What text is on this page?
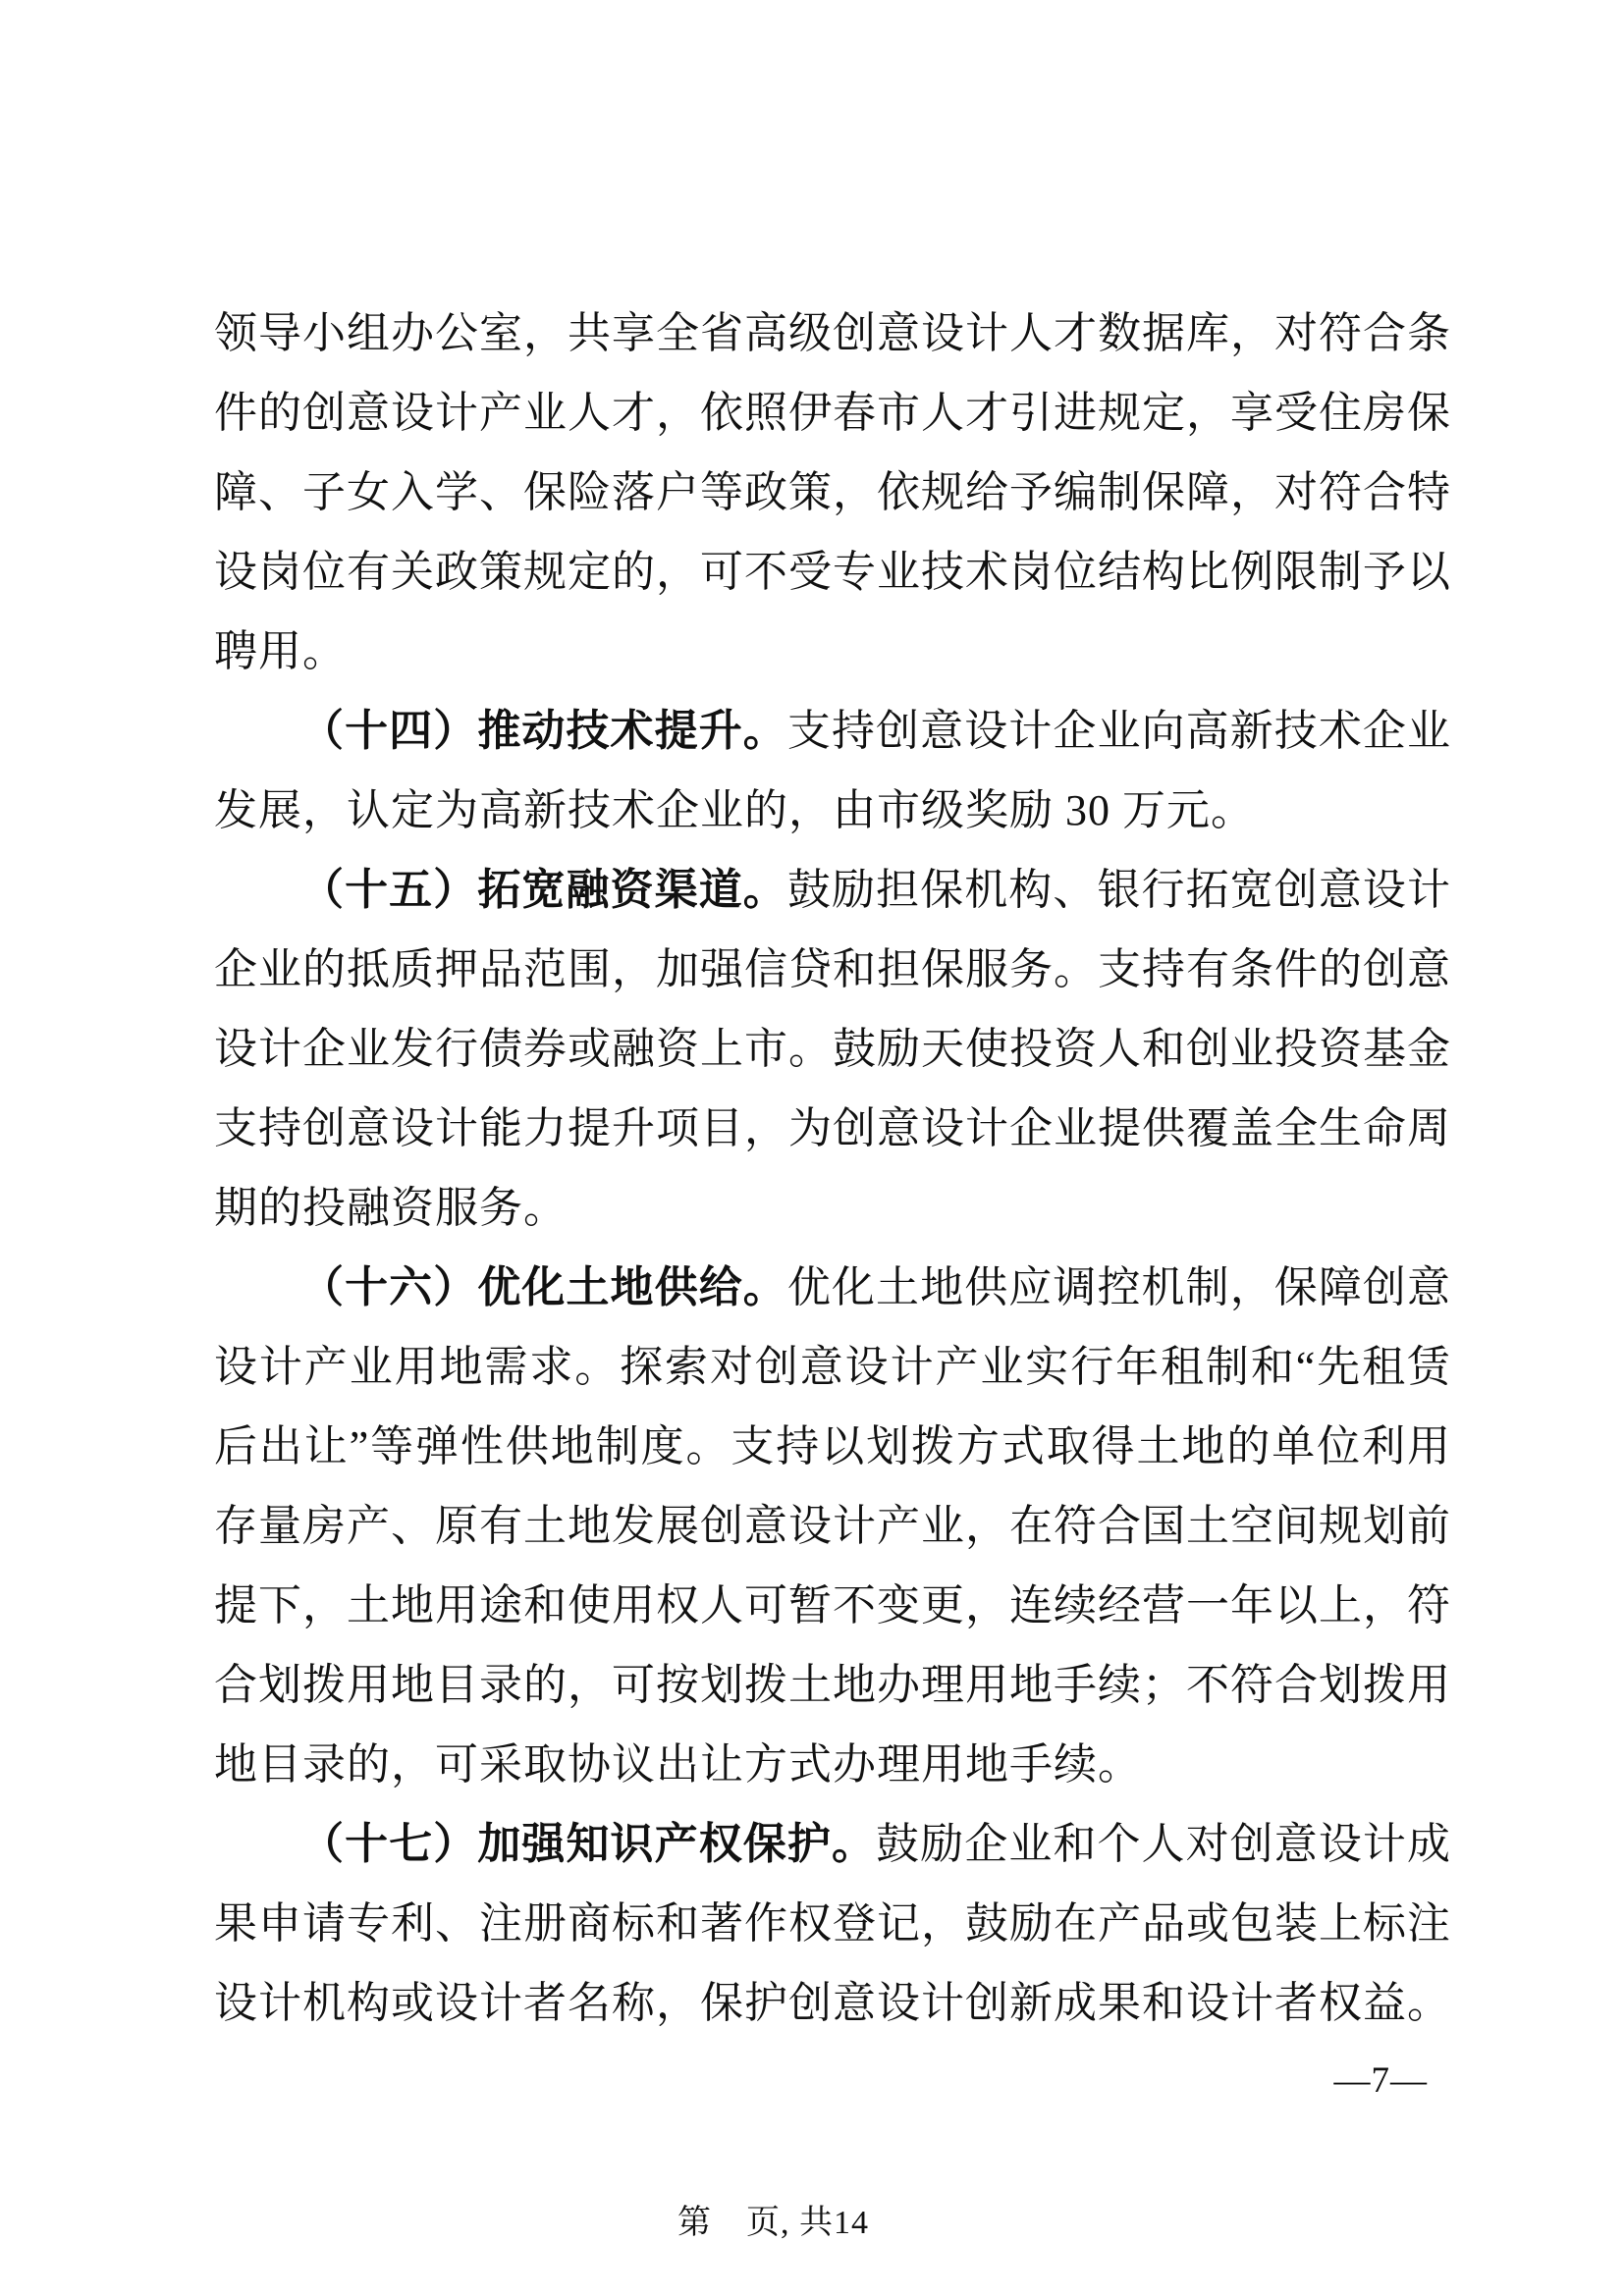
领导小组办公室，共享全省高级创意设计人才数据库，对符合条件的创意设计产业人才，依照伊春市人才引进规定，享受住房保障、子女入学、保险落户等政策，依规给予编制保障，对符合特设岗位有关政策规定的，可不受专业技术岗位结构比例限制予以聘用。

（十四）推动技术提升。支持创意设计企业向高新技术企业发展，认定为高新技术企业的，由市级奖励 30 万元。

（十五）拓宽融资渠道。鼓励担保机构、银行拓宽创意设计企业的抵质押品范围，加强信贷和担保服务。支持有条件的创意设计企业发行债券或融资上市。鼓励天使投资人和创业投资基金支持创意设计能力提升项目，为创意设计企业提供覆盖全生命周期的投融资服务。

（十六）优化土地供给。优化土地供应调控机制，保障创意设计产业用地需求。探索对创意设计产业实行年租制和“先租赁后出让”等弹性供地制度。支持以划拨方式取得土地的单位利用存量房产、原有土地发展创意设计产业，在符合国土空间规划前提下，土地用途和使用权人可暂不变更，连续经营一年以上，符合划拨用地目录的，可按划拨土地办理用地手续；不符合划拨用地目录的，可采取协议出让方式办理用地手续。

（十七）加强知识产权保护。鼓励企业和个人对创意设计成果申请专利、注册商标和著作权登记，鼓励在产品或包装上标注设计机构或设计者名称，保护创意设计创新成果和设计者权益。

—7—
第　页, 共14
